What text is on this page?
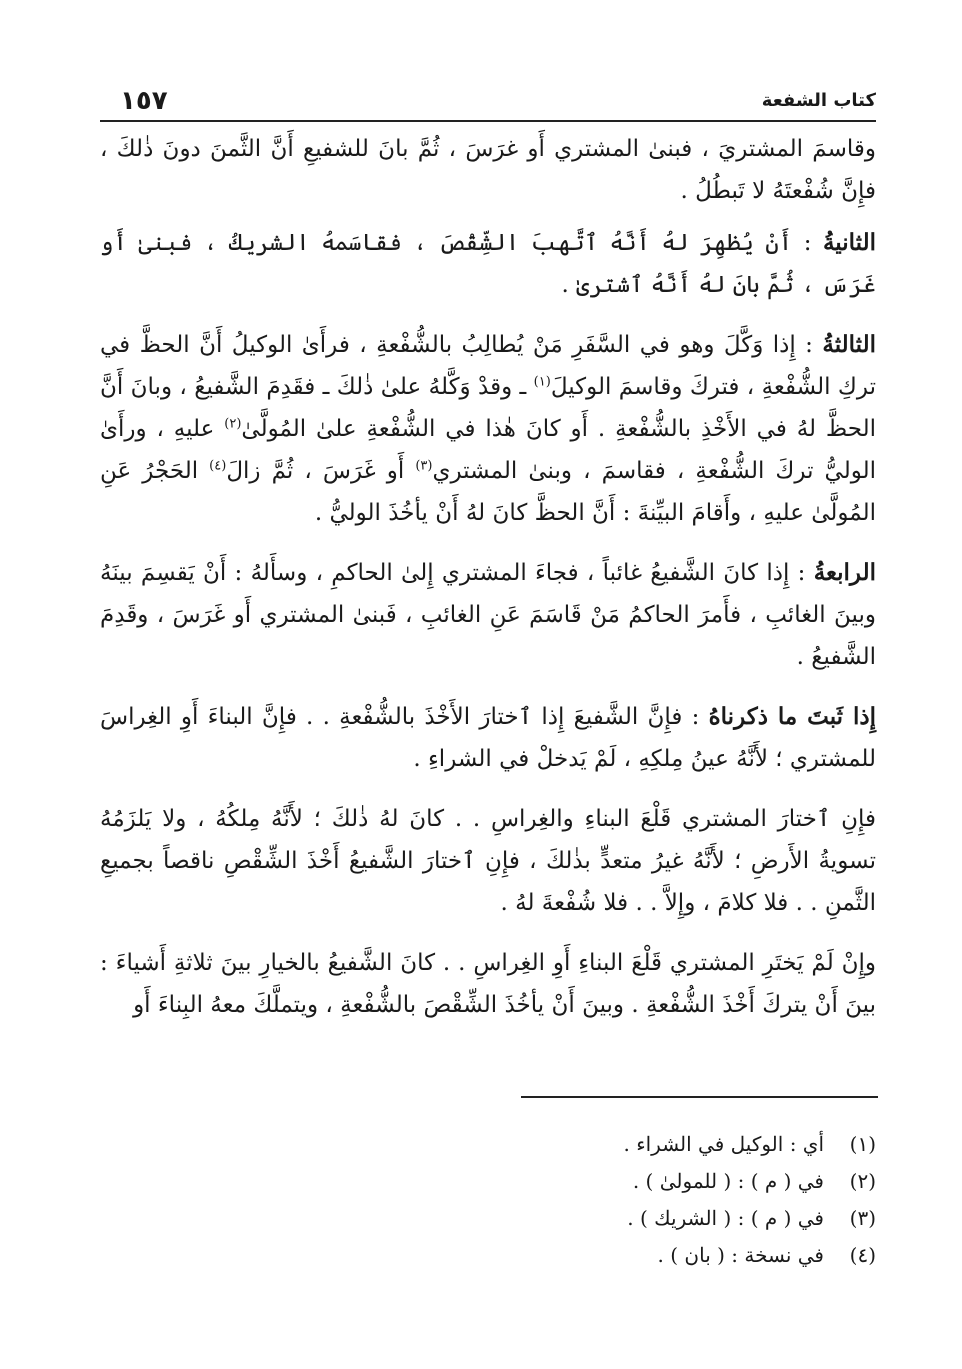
كتاب الشفعة
١٥٧

وقاسمَ المشتريَ ، فبنىٰ المشتري أَو غرَسَ ، ثُمَّ بانَ للشفيعِ أَنَّ الثَّمنَ دونَ ذٰلكَ ، فإِنَّ شُفْعتَهُ لا تَبطُلُ .

الثانيةُ : أَنْ يُظهِرَ لهُ أَنَّهُ ٱتَّهبَ الشِّقْصَ ، فقاسَمهُ الشريكُ ، فبنىٰ أَو غَرَسَ ، ثُمَّ بانَ لهُ أَنَّهُ ٱشترىٰ .

الثالثةُ : إِذا وَكَّلَ وهو في السَّفَرِ مَنْ يُطالِبُ بالشُّفْعةِ ، فرأَىٰ الوكيلُ أَنَّ الحظَّ في تركِ الشُّفْعةِ ، فتركَ وقاسمَ الوكيلَ$^{(١)}$ ـ وقدْ وَكَّلهُ علىٰ ذٰلكَ ـ فقَدِمَ الشَّفيعُ ، وبانَ أَنَّ الحظَّ لهُ في الأَخْذِ بالشُّفْعةِ . أَو كانَ هٰذا في الشُّفْعةِ علىٰ المُولَّىٰ$^{(٢)}$ عليهِ ، ورأَىٰ الوليُّ تركَ الشُّفْعةِ ، فقاسمَ ، وبنىٰ المشتري$^{(٣)}$ أَو غَرَسَ ، ثُمَّ زالَ$^{(٤)}$ الحَجْرُ عَنِ المُولَّىٰ عليهِ ، وأَقامَ البيِّنةَ : أَنَّ الحظَّ كانَ لهُ أَنْ يأخُذَ الوليُّ .

الرابعةُ : إِذا كانَ الشَّفيعُ غائباً ، فجاءَ المشتري إِلىٰ الحاكمِ ، وسأَلهُ : أَنْ يَقسِمَ بينَهُ وبينَ الغائبِ ، فأَمرَ الحاكمُ مَنْ قَاسَمَ عَنِ الغائبِ ، فَبنىٰ المشتري أَو غَرَسَ ، وقَدِمَ الشَّفيعُ .

إِذا ثَبتَ ما ذكرناهُ : فإِنَّ الشَّفيعَ إِذا ٱختارَ الأَخْذَ بالشُّفْعةِ . . فإِنَّ البناءَ أَوِ الغِراسَ للمشتري ؛ لأَنَّهُ عينُ مِلكِهِ ، لَمْ يَدخلْ في الشراءِ .

فإِنِ ٱختارَ المشتري قَلْعَ البناءِ والغِراسِ . . كانَ لهُ ذٰلكَ ؛ لأَنَّهُ مِلكُهُ ، ولا يَلزَمُهُ تسويةُ الأَرضِ ؛ لأَنَّهُ غيرُ متعدٍّ بذٰلكَ ، فإِنِ ٱختارَ الشَّفيعُ أَخْذَ الشِّقْصِ ناقصاً بجميعِ الثَّمنِ . . فلا كلامَ ، وإِلاَّ . . فلا شُفْعةَ لهُ .

وإِنْ لَمْ يَختَرِ المشتري قَلْعَ البناءِ أَوِ الغِراسِ . . كانَ الشَّفيعُ بالخيارِ بينَ ثلاثةِ أَشياءَ : بينَ أَنْ يتركَ أَخْذَ الشُّفْعةِ . وبينَ أَنْ يأخُذَ الشِّقْصَ بالشُّفْعةِ ، ويتملَّكَ معهُ البِناءَ أَو

(١)أي : الوكيل في الشراء .
(٢)في ( م ) : ( للمولىٰ ) .
(٣)في ( م ) : ( الشريك ) .
(٤)في نسخة : ( بان ) .
